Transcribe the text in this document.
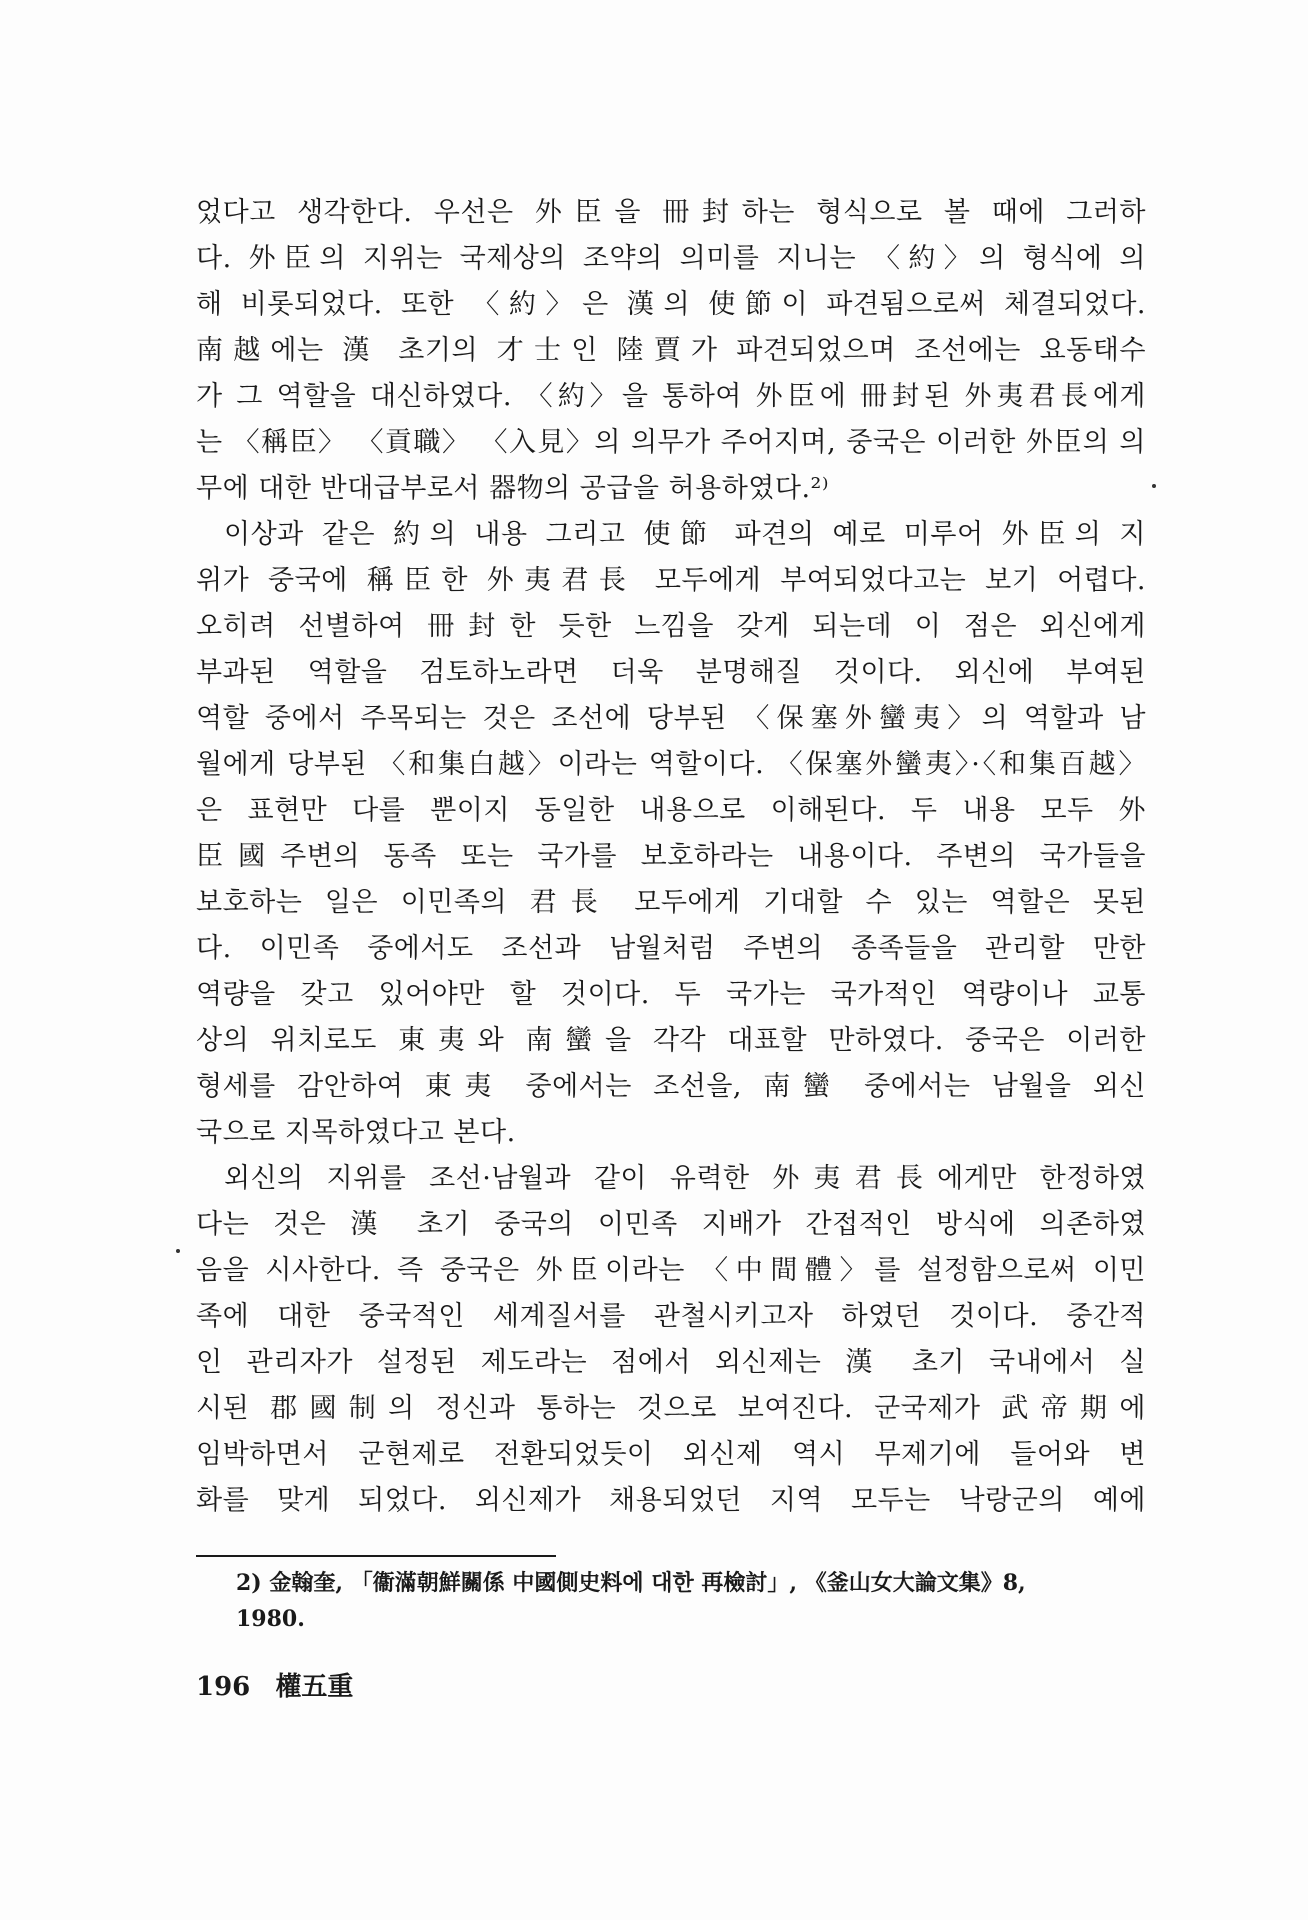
었다고 생각한다. 우선은 外臣을 冊封하는 형식으로 볼 때에 그러하
다. 外臣의 지위는 국제상의 조약의 의미를 지니는 〈約〉의 형식에 의
해 비롯되었다. 또한 〈約〉은 漢의 使節이 파견됨으로써 체결되었다.
南越에는 漢 초기의 才士인 陸賈가 파견되었으며 조선에는 요동태수
가 그 역할을 대신하였다. 〈約〉을 통하여 外臣에 冊封된 外夷君長에게
는 〈稱臣〉 〈貢職〉 〈入見〉의 의무가 주어지며, 중국은 이러한 外臣의 의
무에 대한 반대급부로서 器物의 공급을 허용하였다.²⁾
이상과 같은 約의 내용 그리고 使節 파견의 예로 미루어 外臣의 지
위가 중국에 稱臣한 外夷君長 모두에게 부여되었다고는 보기 어렵다.
오히려 선별하여 冊封한 듯한 느낌을 갖게 되는데 이 점은 외신에게
부과된 역할을 검토하노라면 더욱 분명해질 것이다. 외신에 부여된
역할 중에서 주목되는 것은 조선에 당부된 〈保塞外蠻夷〉의 역할과 남
월에게 당부된 〈和集白越〉이라는 역할이다. 〈保塞外蠻夷〉·〈和集百越〉
은 표현만 다를 뿐이지 동일한 내용으로 이해된다. 두 내용 모두 外
臣國주변의 동족 또는 국가를 보호하라는 내용이다. 주변의 국가들을
보호하는 일은 이민족의 君長 모두에게 기대할 수 있는 역할은 못된
다. 이민족 중에서도 조선과 남월처럼 주변의 종족들을 관리할 만한
역량을 갖고 있어야만 할 것이다. 두 국가는 국가적인 역량이나 교통
상의 위치로도 東夷와 南蠻을 각각 대표할 만하였다. 중국은 이러한
형세를 감안하여 東夷 중에서는 조선을, 南蠻 중에서는 남월을 외신
국으로 지목하였다고 본다.
외신의 지위를 조선·남월과 같이 유력한 外夷君長에게만 한정하였
다는 것은 漢 초기 중국의 이민족 지배가 간접적인 방식에 의존하였
음을 시사한다. 즉 중국은 外臣이라는 〈中間體〉를 설정함으로써 이민
족에 대한 중국적인 세계질서를 관철시키고자 하였던 것이다. 중간적
인 관리자가 설정된 제도라는 점에서 외신제는 漢 초기 국내에서 실
시된 郡國制의 정신과 통하는 것으로 보여진다. 군국제가 武帝期에
임박하면서 군현제로 전환되었듯이 외신제 역시 무제기에 들어와 변
화를 맞게 되었다. 외신제가 채용되었던 지역 모두는 낙랑군의 예에
2) 金翰奎, 「衞滿朝鮮關係 中國側史料에 대한 再檢討」, 《釜山女大論文集》8,
1980.
196 權五重
